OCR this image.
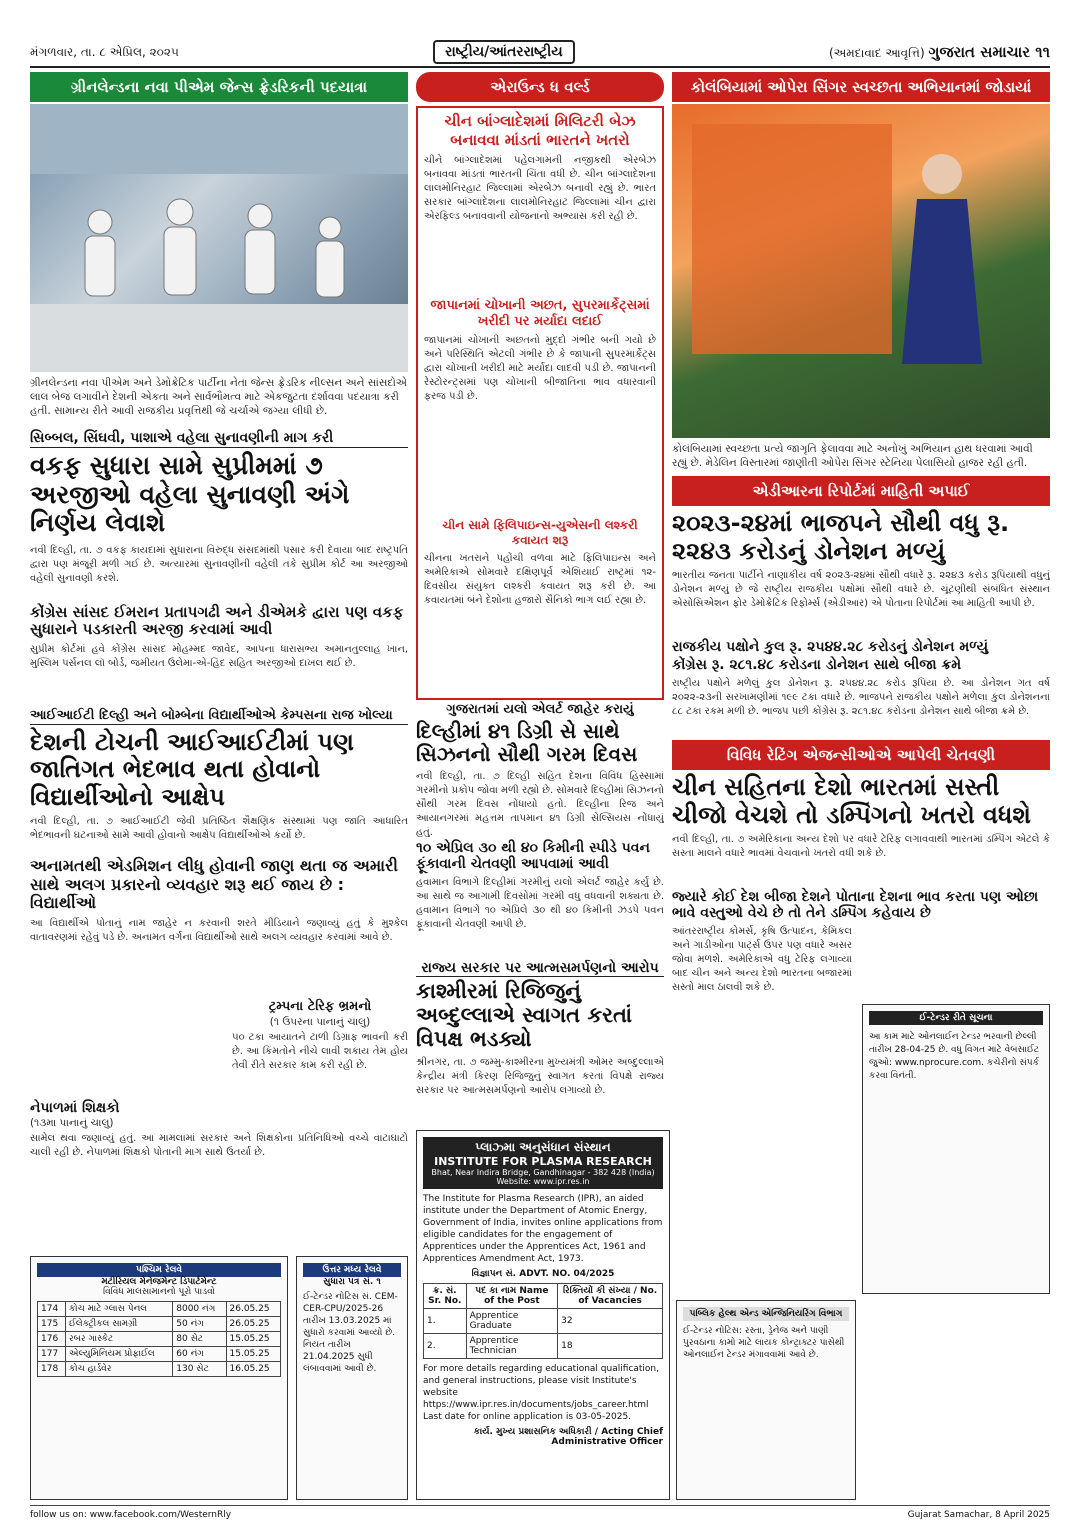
મંગળવાર, તા. ૮ એપ્રિલ, ૨૦૨૫	રાષ્ટ્રીય/આંતરરાષ્ટ્રીય	(અમદાવાદ આવૃત્તિ) ગુજરાત સમાચાર ૧૧
ગ્રીનલેન્ડના નવા પીએમ જેન્સ ફ્રેડરિકની પદયાત્રા
ગ્રીનલેન્ડના નવા પીએમ અને ડેમોક્રેટિક પાર્ટીના નેતા જેન્સ ફ્રેડરિક નીલ્સન અને સાંસદોએ લાલ બેજ લગાવીને દેશની એકતા અને સાર્વભૌમત્વ માટે એકજુટતા દર્શાવવા પદયાત્રા કરી હતી. સામાન્ય રીતે આવી રાજકીય પ્રવૃત્તિથી જે ચર્ચાએ જગ્યા લીધી છે.
એરાઉન્ડ ધ વર્લ્ડ
ચીન બાંગ્લાદેશમાં મિલિટરી બેઝ બનાવવા માંડતાં ભારતને ખતરો
ચીને બાંગ્લાદેશમાં પહેલગામની નજીકથી એરબેઝ બનાવવા માંડતાં ભારતની ચિંતા વધી છે. ચીન બાંગ્લાદેશના લાલમોનિરહાટ જિલ્લામાં એરબેઝ બનાવી રહ્યું છે. ભારત સરકાર બાંગ્લાદેશના લાલમોનિરહાટ જિલ્લામાં ચીન દ્વારા એરફિલ્ડ બનાવવાની યોજનાનો અભ્યાસ કરી રહી છે.
જાપાનમાં ચોખાની અછત, સુપરમાર્કેટ્સમાં ખરીદી પર મર્યાદા લદાઈ
જાપાનમાં ચોખાની અછતનો મુદ્દો ગંભીર બની ગયો છે અને પરિસ્થિતિ એટલી ગંભીર છે કે જાપાની સુપરમાર્કેટ્સ દ્વારા ચોખાની ખરીદી માટે મર્યાદા લાદવી પડી છે. જાપાનની રેસ્ટોરન્ટ્સમાં પણ ચોખાની બીજાતિના ભાવ વધારવાની ફરજ પડી છે.
ચીન સામે ફિલિપાઇન્સ-યુએસની લશ્કરી કવાયત શરૂ
ચીનના ખતરાને પહોંચી વળવા માટે ફિલિપાઇન્સ અને અમેરિકાએ સોમવારે દક્ષિણપૂર્વ એશિયાઈ રાષ્ટ્રમાં ૧૨-દિવસીય સંયુક્ત લશ્કરી કવાયત શરૂ કરી છે. આ કવાયતમાં બંને દેશોના હજારો સૈનિકો ભાગ લઈ રહ્યા છે.
કોલંબિયામાં ઓપેરા સિંગર સ્વચ્છતા અભિયાનમાં જોડાયાં
કોલંબિયામાં સ્વચ્છતા પ્રત્યે જાગૃતિ ફેલાવવા માટે અનોખું અભિયાન હાથ ધરવામાં આવી રહ્યું છે. મેડેલિન વિસ્તારમાં જાણીતી ઓપેરા સિંગર સ્ટેનિયા પેલાસિયો હાજર રહી હતી.
સિબ્બલ, સિંઘવી, પાશાએ વહેલા સુનાવણીની માગ કરી
વકફ સુધારા સામે સુપ્રીમમાં ૭ અરજીઓ વહેલા સુનાવણી અંગે નિર્ણય લેવાશે
નવી દિલ્હી, તા. ૭ વકફ કાયદામાં સુધારાના વિરુદ્ધ સંસદમાંથી પસાર કરી દેવાયા બાદ રાષ્ટ્રપતિ દ્વારા પણ મંજૂરી મળી ગઈ છે. અત્યારમાં સુનાવણીની વહેલી તકે સુપ્રીમ કોર્ટ આ અરજીઓ વહેલી સુનાવણી કરશે.
કોંગ્રેસ સાંસદ ઈમરાન પ્રતાપગઢી અને ડીએમકે દ્વારા પણ વકફ સુધારાને પડકારતી અરજી કરવામાં આવી
સુપ્રીમ કોર્ટમાં હવે કોંગ્રેસ સાંસદ મોહમ્મદ જાવેદ, આપના ધારાસભ્ય અમાનતુલ્લાહ ખાન, મુસ્લિમ પર્સનલ લૉ બોર્ડ, જમીયત ઉલેમા-એ-હિંદ સહિત અરજીઓ દાખલ થઈ છે.
એડીઆરના રિપોર્ટમાં માહિતી અપાઈ
૨૦૨૩-૨૪માં ભાજપને સૌથી વધુ રૂ. ૨૨૪૩ કરોડનું ડોનેશન મળ્યું
ભારતીય જનતા પાર્ટીને નાણાકીય વર્ષ ૨૦૨૩-૨૪માં સૌથી વધારે રૂ. ૨૨૪૩ કરોડ રૂપિયાથી વધુનું ડોનેશન મળ્યું છે જે રાષ્ટ્રીય રાજકીય પક્ષોમાં સૌથી વધારે છે. ચૂંટણીથી સંબંધિત સંસ્થાન એસોસિએશન ફોર ડેમોક્રેટિક રિફોર્મ્સ (એડીઆર) એ પોતાના રિપોર્ટમાં આ માહિતી આપી છે.
રાજકીય પક્ષોને કુલ રૂ. ૨૫૪૪.૨૮ કરોડનું ડોનેશન મળ્યું
કોંગ્રેસ રૂ. ૨૮૧.૪૮ કરોડના ડોનેશન સાથે બીજા ક્રમે
રાષ્ટ્રીય પક્ષોને મળેલું કુલ ડોનેશન રૂ. ૨૫૪૪.૨૮ કરોડ રૂપિયા છે. આ ડોનેશન ગત વર્ષ ૨૦૨૨-૨૩ની સરખામણીમાં ૧૯૯ ટકા વધારે છે. ભાજપને રાજકીય પક્ષોને મળેલા કુલ ડોનેશનના ૮૮ ટકા રકમ મળી છે. ભાજપ પછી કોંગ્રેસ રૂ. ૨૮૧.૪૮ કરોડના ડોનેશન સાથે બીજા ક્રમે છે.
આઈઆઈટી દિલ્હી અને બોમ્બેના વિદ્યાર્થીઓએ કેમ્પસના રાજ ખોલ્યા
દેશની ટોચની આઈઆઈટીમાં પણ જાતિગત ભેદભાવ થતા હોવાનો વિદ્યાર્થીઓનો આક્ષેપ
નવી દિલ્હી, તા. ૭ આઈઆઈટી જેવી પ્રતિષ્ઠિત શૈક્ષણિક સંસ્થામાં પણ જાતિ આધારિત ભેદભાવની ઘટનાઓ સામે આવી હોવાનો આક્ષેપ વિદ્યાર્થીઓએ કર્યો છે.
અનામતથી એડમિશન લીધુ હોવાની જાણ થતા જ અમારી સાથે અલગ પ્રકારનો વ્યવહાર શરૂ થઈ જાય છે : વિદ્યાર્થીઓ
આ વિદ્યાર્થીએ પોતાનું નામ જાહેર ન કરવાની શરતે મીડિયાને જણાવ્યું હતું કે મુશ્કેલ વાતાવરણમાં રહેવું પડે છે. અનામત વર્ગના વિદ્યાર્થીઓ સાથે અલગ વ્યવહાર કરવામાં આવે છે.
ગુજરાતમાં યલો એલર્ટ જાહેર કરાયું
દિલ્હીમાં ૪૧ ડિગ્રી સે સાથે સિઝનનો સૌથી ગરમ દિવસ
નવી દિલ્હી, તા. ૭ દિલ્હી સહિત દેશના વિવિધ હિસ્સામાં ગરમીનો પ્રકોપ જોવા મળી રહ્યો છે. સોમવારે દિલ્હીમાં સિઝનનો સૌથી ગરમ દિવસ નોંધાયો હતો. દિલ્હીના રિજ અને આયાનગરમાં મહત્તમ તાપમાન ૪૧ ડિગ્રી સેલ્સિયસ નોંધાયું હતું.
૧૦ એપ્રિલ ૩૦ થી ૪૦ કિમીની સ્પીડે પવન ફૂંકાવાની ચેતવણી આપવામાં આવી
હવામાન વિભાગે દિલ્હીમાં ગરમીનું યલો એલર્ટ જાહેર કર્યું છે. આ સાથે જ આગામી દિવસોમાં ગરમી વધુ વધવાની શક્યતા છે. હવામાન વિભાગે ૧૦ એપ્રિલે ૩૦ થી ૪૦ કિમીની ઝડપે પવન ફૂંકાવાની ચેતવણી આપી છે.
વિવિધ રેટિંગ એજન્સીઓએ આપેલી ચેતવણી
ચીન સહિતના દેશો ભારતમાં સસ્તી ચીજો વેચશે તો ડમ્પિંગનો ખતરો વધશે
નવી દિલ્હી, તા. ૭ અમેરિકાના અન્ય દેશો પર વધારે ટેરિફ લગાવવાથી ભારતમાં ડમ્પિંગ એટલે કે સસ્તા માલને વધારે ભાવમાં વેચવાનો ખતરો વધી શકે છે.
જ્યારે કોઈ દેશ બીજા દેશને પોતાના દેશના ભાવ કરતા પણ ઓછા ભાવે વસ્તુઓ વેચે છે તો તેને ડમ્પિંગ કહેવાય છે
આંતરરાષ્ટ્રીય કોમર્સ, કૃષિ ઉત્પાદન, કેમિકલ અને ગાડીઓના પાર્ટ્સ ઉપર પણ વધારે અસર જોવા મળશે. અમેરિકાએ વધુ ટેરિફ લગાવ્યા બાદ ચીન અને અન્ય દેશો ભારતના બજારમાં સસ્તો માલ ઠાલવી શકે છે.
ઈ-ટેન્ડર રીતે સૂચના
આ કામ માટે ઓનલાઈન ટેન્ડર ભરવાની છેલ્લી તારીખ 28-04-25 છે. વધુ વિગત માટે વેબસાઈટ જુઓ: www.nprocure.com. કચેરીનો સંપર્ક કરવા વિનંતી.
ટ્રમ્પના ટેરિફ ભ્રમનો
(૧ ઉપરના પાનાનું ચાલુ)
૫૦ ટકા આયાતને ટાળી ડિગ્રાફ ભાવની કરી છે. આ કિંમતોને નીચે લાવી શકાય તેમ હોય તેવી રીતે સરકાર કામ કરી રહી છે.
રાજ્ય સરકાર પર આત્મસમર્પણનો આરોપ
કાશ્મીરમાં રિજિજુનું અબ્દુલ્લાએ સ્વાગત કરતાં વિપક્ષ ભડક્યો
શ્રીનગર, તા. ૭ જમ્મુ-કાશ્મીરના મુખ્યમંત્રી ઓમર અબ્દુલ્લાએ કેન્દ્રીય મંત્રી કિરણ રિજિજુનું સ્વાગત કરતાં વિપક્ષે રાજ્ય સરકાર પર આત્મસમર્પણનો આરોપ લગાવ્યો છે.
નેપાળમાં શિક્ષકો
(૧૩મા પાનાનું ચાલુ)
સામેલ થવા જણાવ્યું હતું. આ મામલામાં સરકાર અને શિક્ષકોના પ્રતિનિધિઓ વચ્ચે વાટાઘાટો ચાલી રહી છે. નેપાળમાં શિક્ષકો પોતાની માગ સાથે ઉતર્યા છે.	પ્લાઝ્મા અનુસંધાન સંસ્થાન
INSTITUTE FOR PLASMA RESEARCH
Bhat, Near Indira Bridge, Gandhinagar - 382 428 (India)
Website: www.ipr.res.in
The Institute for Plasma Research (IPR), an aided institute under the Department of Atomic Energy, Government of India, invites online applications from eligible candidates for the engagement of Apprentices under the Apprentices Act, 1961 and Apprentices Amendment Act, 1973.
વિજ્ઞાપન સં. ADVT. NO. 04/2025
ક્ર. સં. Sr. No.	પદ કા નામ Name of the Post	રિક્તિયોં કી સંખ્યા / No. of Vacancies
1.	Apprentice Graduate	32
2.	Apprentice Technician	18
For more details regarding educational qualification, and general instructions, please visit Institute's website https://www.ipr.res.in/documents/jobs_career.html Last date for online application is 03-05-2025.
કાર્ય. મુખ્ય પ્રશાસનિક અધિકારી / Acting Chief Administrative Officer
પબ્લિક હેલ્થ એન્ડ એન્જિનિયરિંગ વિભાગ
ઈ-ટેન્ડર નોટિસ: રસ્તા, ડ્રેનેજ અને પાણી પુરવઠાના કામો માટે લાયક કોન્ટ્રાક્ટર પાસેથી ઓનલાઈન ટેન્ડર મંગાવવામાં આવે છે.
પશ્ચિમ રેલવે
મટીરિયલ મેનેજમેન્ટ ડિપાર્ટમેન્ટ
વિવિધ માલસામાનનો પૂરો પાડવો
174	કોચ માટે ગ્લાસ પેનલ	8000 નંગ	26.05.25
175	ઈલેક્ટ્રીકલ સામગ્રી	50 નંગ	26.05.25
176	રબર ગાસ્કેટ	80 સેટ	15.05.25
177	એલ્યુમિનિયમ પ્રોફાઈલ	60 નંગ	15.05.25
178	કોચ હાર્ડવેર	130 સેટ	16.05.25
ઉત્તર મધ્ય રેલવે
સુધારા પત્ર સં. ૧
ઈ-ટેન્ડર નોટિસ સં. CEM-CER-CPU/2025-26 તારીખ 13.03.2025 માં સુધારો કરવામાં આવ્યો છે. નિયત તારીખ 21.04.2025 સુધી લંબાવવામાં આવી છે.
follow us on: www.facebook.com/WesternRly	Gujarat Samachar, 8 April 2025
